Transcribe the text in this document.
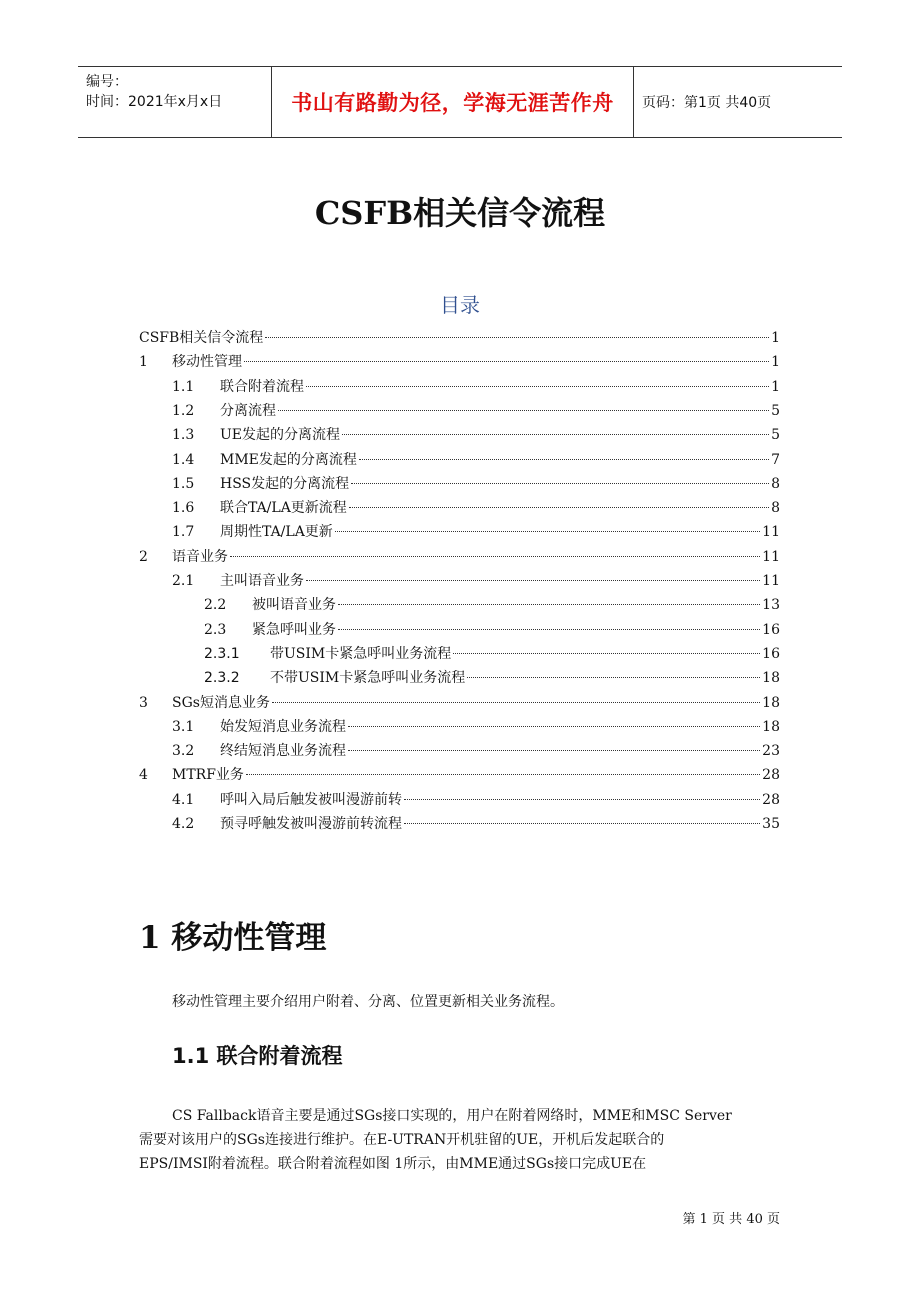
编号：
时间：2021年x月x日	书山有路勤为径，学海无涯苦作舟	页码：第1页 共40页
CSFB相关信令流程
目录
CSFB相关信令流程	1
1	移动性管理	1
1.1	联合附着流程	1
1.2	分离流程	5
1.3	UE发起的分离流程	5
1.4	MME发起的分离流程	7
1.5	HSS发起的分离流程	8
1.6	联合TA/LA更新流程	8
1.7	周期性TA/LA更新	11
2	语音业务	11
2.1	主叫语音业务	11
2.2	被叫语音业务	13
2.3	紧急呼叫业务	16
2.3.1	带USIM卡紧急呼叫业务流程	16
2.3.2	不带USIM卡紧急呼叫业务流程	18
3	SGs短消息业务	18
3.1	始发短消息业务流程	18
3.2	终结短消息业务流程	23
4	MTRF业务	28
4.1	呼叫入局后触发被叫漫游前转	28
4.2	预寻呼触发被叫漫游前转流程	35
1 移动性管理
移动性管理主要介绍用户附着、分离、位置更新相关业务流程。
1.1 联合附着流程
CS Fallback语音主要是通过SGs接口实现的，用户在附着网络时，MME和MSC Server
需要对该用户的SGs连接进行维护。在E-UTRAN开机驻留的UE，开机后发起联合的
EPS/IMSI附着流程。联合附着流程如图 1所示，由MME通过SGs接口完成UE在
第 1 页 共 40 页
